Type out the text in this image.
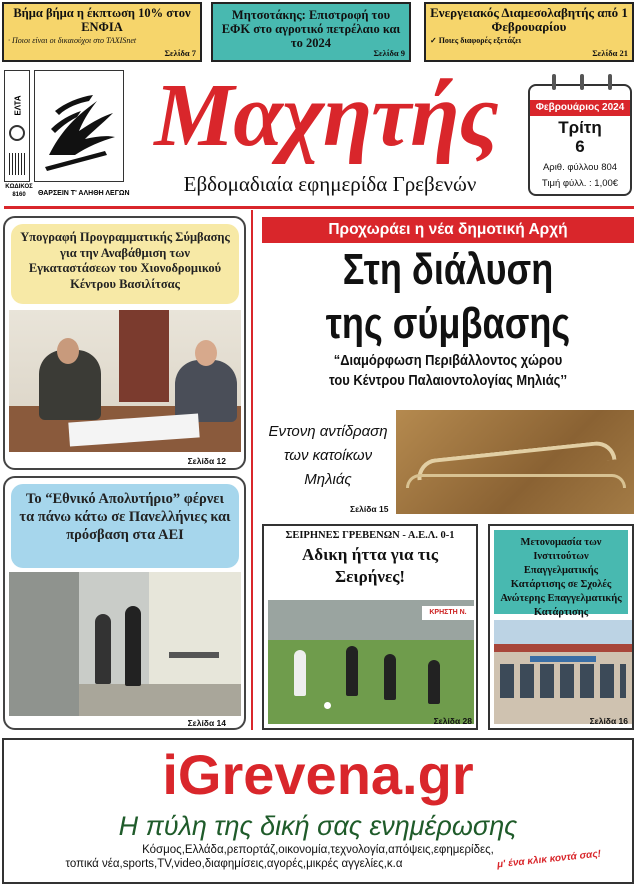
Βήμα βήμα η έκπτωση 10% στον ΕΝΦΙΑ
· Ποιοι είναι οι δικαιούχοι στο TAXISnet
Σελίδα 7
Μητσοτάκης: Επιστροφή του ΕΦΚ στο αγροτικό πετρέλαιο και το 2024
Σελίδα 9
Ενεργειακός Διαμεσολαβητής από 1 Φεβρουαρίου
✓ Ποιες διαφορές εξετάζει
Σελίδα 21
ΕΛΤΑ
ΚΩΔΙΚΟΣ
8160	ΘΑΡΣΕΙΝ Τ' ΑΛΗΘΗ ΛΕΓΩΝ
Μαχητής
Εβδομαδιαία εφημερίδα Γρεβενών
Φεβρουάριος 2024
Τρίτη
6
Αριθ. φύλλου 804
Τιμή φύλλ. : 1,00€
Υπογραφή Προγραμματικής Σύμβασης για την Αναβάθμιση των Εγκαταστάσεων του Χιονοδρομικού Κέντρου Βασιλίτσας
Σελίδα 12
Το “Εθνικό Απολυτήριο” φέρνει τα πάνω κάτω σε Πανελλήνιες και πρόσβαση στα ΑΕΙ
Σελίδα 14
Προχωράει η νέα δημοτική Αρχή
Στη διάλυση
της σύμβασης
“Διαμόρφωση Περιβάλλοντος χώρου
του Κέντρου Παλαιοντολογίας Μηλιάς’’
Εντονη αντίδραση
των κατοίκων
Μηλιάς
Σελίδα 15
ΣΕΙΡΗΝΕΣ ΓΡΕΒΕΝΩΝ - Α.Ε.Λ. 0-1
Αδικη ήττα για τις Σειρήνες!
ΚΡΗΣΤΗ Ν.
Σελίδα 28
Μετονομασία των Ινστιτούτων Επαγγελματικής Κατάρτισης σε Σχολές Ανώτερης Επαγγελματικής Κατάρτισης
Σελίδα 16
iGrevena.gr
Η πύλη της δική σας ενημέρωσης
Κόσμος,Ελλάδα,ρεπορτάζ,οικονομία,τεχνολογία,απόψεις,εφημερίδες,
τοπικά νέα,sports,TV,video,διαφημίσεις,αγορές,μικρές αγγελίες,κ.α	μ' ένα κλικ κοντά σας!
